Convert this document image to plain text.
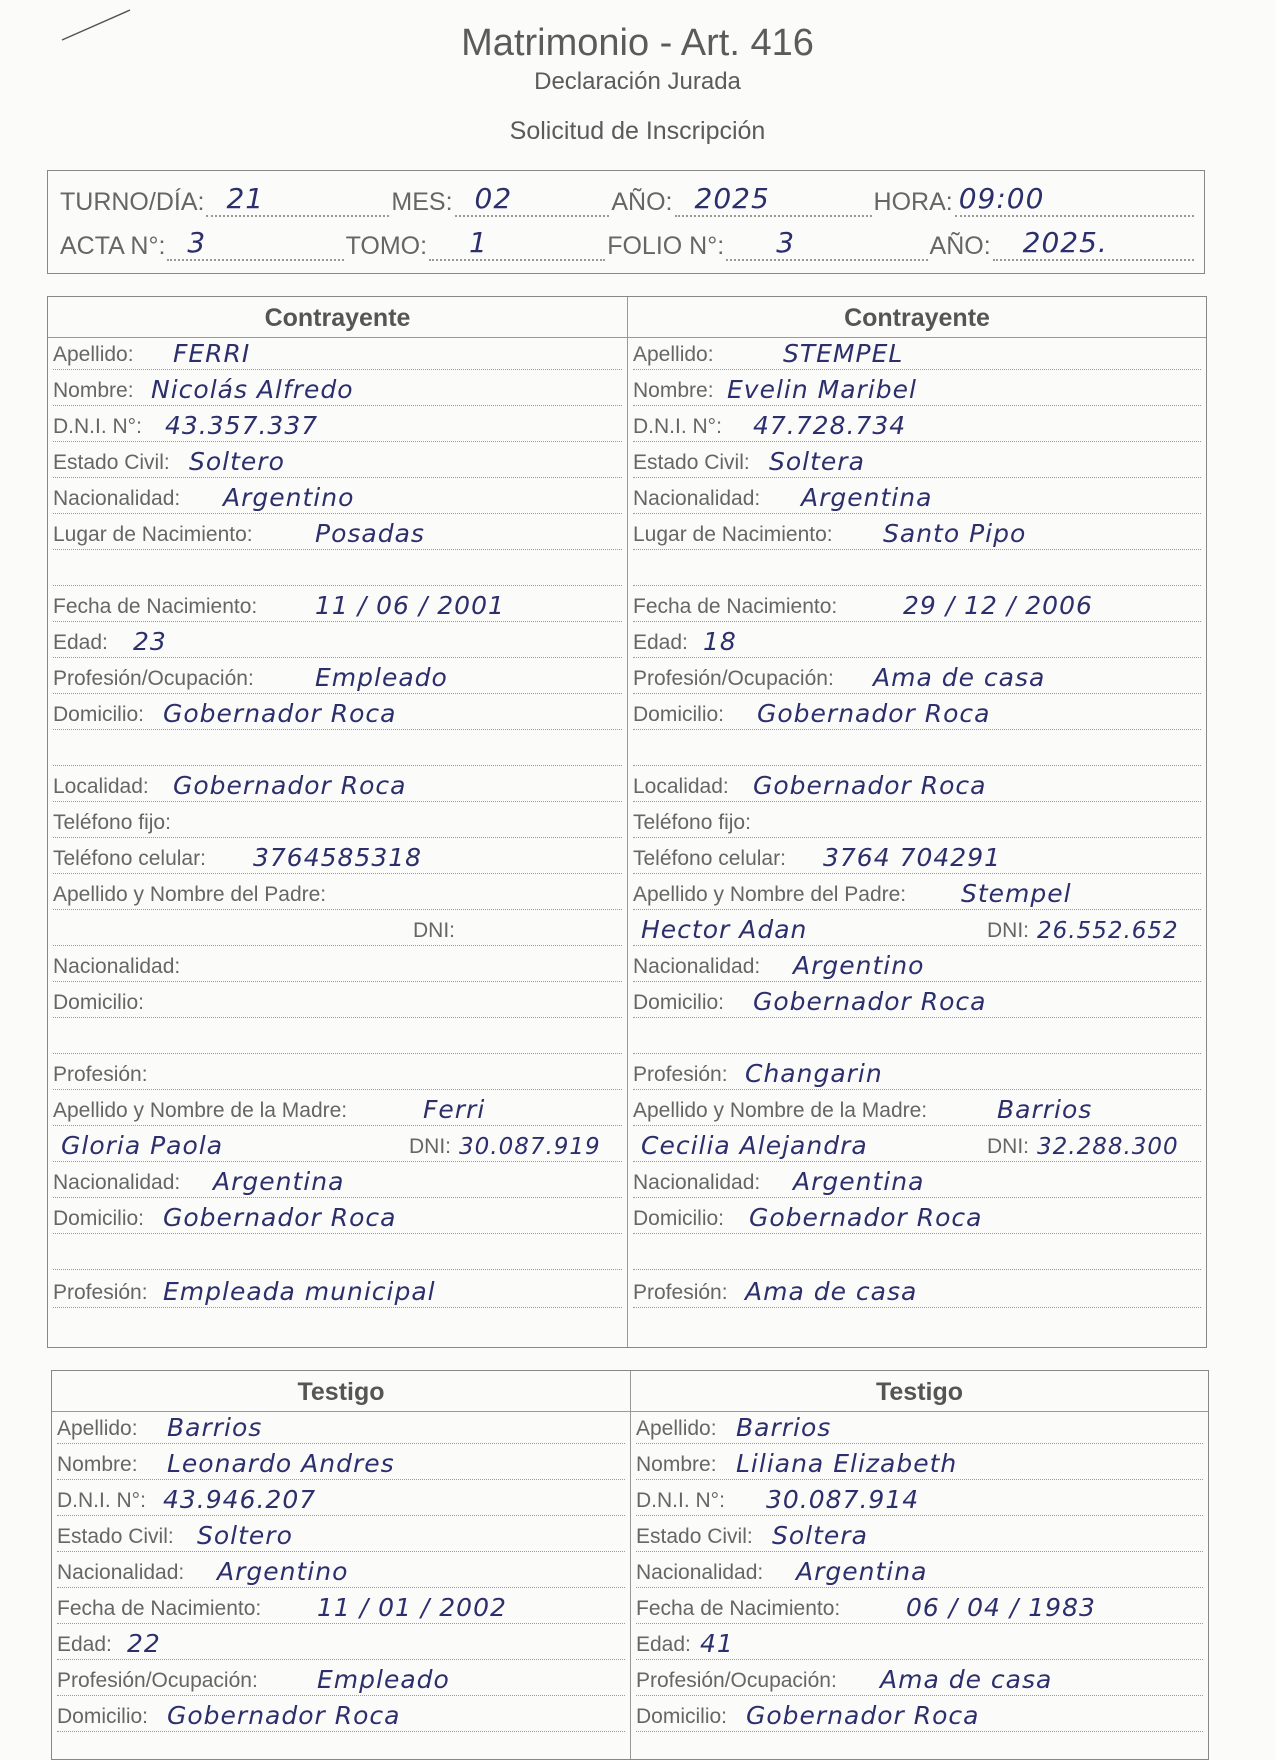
Matrimonio - Art. 416
Declaración Jurada
Solicitud de Inscripción
TURNO/DÍA: 21	MES: 02	AÑO: 2025	HORA: 09:00
ACTA N°: 3	TOMO: 1	FOLIO N°: 3	AÑO: 2025.
Contrayente
Apellido: FERRI
Nombre: Nicolás Alfredo
D.N.I. N°: 43.357.337
Estado Civil: Soltero
Nacionalidad: Argentino
Lugar de Nacimiento: Posadas
Fecha de Nacimiento: 11 / 06 / 2001
Edad: 23
Profesión/Ocupación: Empleado
Domicilio: Gobernador Roca
Localidad: Gobernador Roca
Teléfono fijo:
Teléfono celular: 3764585318
Apellido y Nombre del Padre:
DNI:
Nacionalidad:
Domicilio:
Profesión:
Apellido y Nombre de la Madre:	Ferri
Gloria Paola	DNI: 30.087.919
Nacionalidad: Argentina
Domicilio: Gobernador Roca
Profesión: Empleada municipal
Contrayente
Apellido:	STEMPEL
Nombre: Evelin Maribel
D.N.I. N°: 47.728.734
Estado Civil: Soltera
Nacionalidad: Argentina
Lugar de Nacimiento: Santo Pipo
Fecha de Nacimiento:	29 / 12 / 2006
Edad: 18
Profesión/Ocupación: Ama de casa
Domicilio: Gobernador Roca
Localidad: Gobernador Roca
Teléfono fijo:
Teléfono celular: 3764 704291
Apellido y Nombre del Padre: Stempel
Hector Adan	DNI: 26.552.652
Nacionalidad: Argentino
Domicilio: Gobernador Roca
Profesión: Changarin
Apellido y Nombre de la Madre:	Barrios
Cecilia Alejandra	DNI: 32.288.300
Nacionalidad: Argentina
Domicilio: Gobernador Roca
Profesión: Ama de casa
Testigo
Apellido: Barrios
Nombre: Leonardo Andres
D.N.I. N°: 43.946.207
Estado Civil: Soltero
Nacionalidad: Argentino
Fecha de Nacimiento: 11 / 01 / 2002
Edad: 22
Profesión/Ocupación: Empleado
Domicilio: Gobernador Roca
Testigo
Apellido: Barrios
Nombre: Liliana Elizabeth
D.N.I. N°: 30.087.914
Estado Civil: Soltera
Nacionalidad: Argentina
Fecha de Nacimiento:	06 / 04 / 1983
Edad: 41
Profesión/Ocupación: Ama de casa
Domicilio: Gobernador Roca
